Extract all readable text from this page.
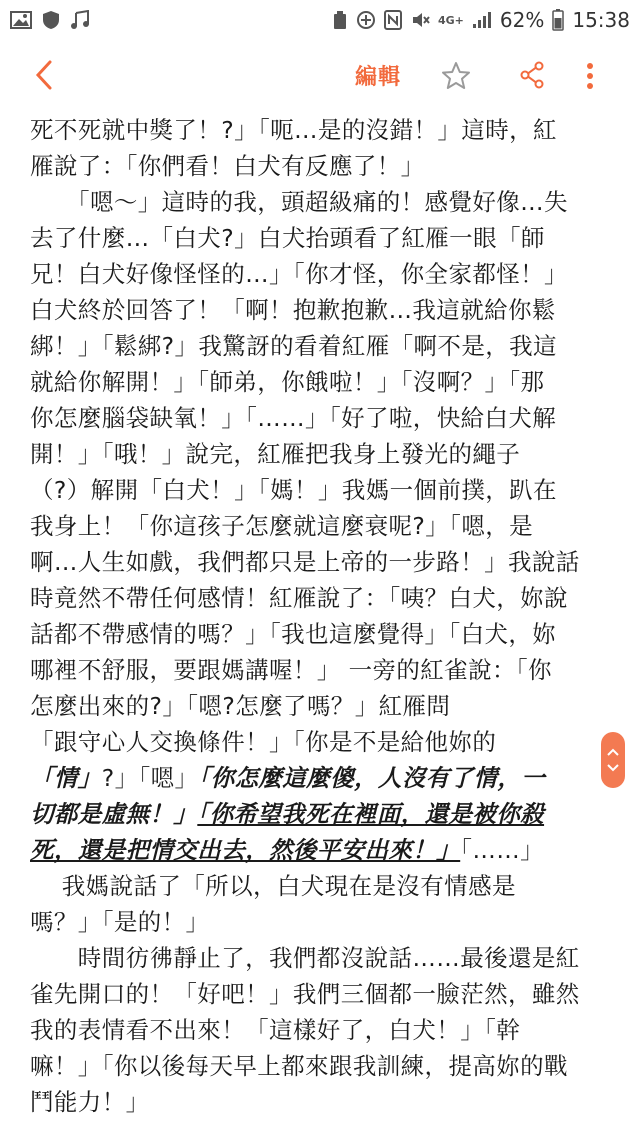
4G+ 62% 15:38
編輯
死不死就中獎了！?」「呃…是的沒錯！」這時，紅
雁說了：「你們看！白犬有反應了！」
　　「嗯～」這時的我，頭超級痛的！感覺好像…失
去了什麼…「白犬?」白犬抬頭看了紅雁一眼「師
兄！白犬好像怪怪的…」「你才怪，你全家都怪！」
白犬終於回答了！「啊！抱歉抱歉…我這就給你鬆
綁！」「鬆綁?」我驚訝的看着紅雁「啊不是，我這
就給你解開！」「師弟，你餓啦！」「沒啊？」「那
你怎麼腦袋缺氧！」「……」「好了啦，快給白犬解
開！」「哦！」說完，紅雁把我身上發光的繩子
（?）解開「白犬！」「媽！」我媽一個前撲，趴在
我身上！「你這孩子怎麼就這麼衰呢?」「嗯，是
啊…人生如戲，我們都只是上帝的一步路！」我說話
時竟然不帶任何感情！紅雁說了：「咦？白犬，妳說
話都不帶感情的嗎？」「我也這麼覺得」「白犬，妳
哪裡不舒服，要跟媽講喔！」 一旁的紅雀說：「你
怎麼出來的?」「嗯?怎麼了嗎？」紅雁問
「跟守心人交換條件！」「你是不是給他妳的
「情」?」「嗯」「你怎麼這麼傻，人沒有了情，一
切都是虛無！」「你希望我死在裡面，還是被你殺
死，還是把情交出去，然後平安出來！」「……」
　 我媽說話了「所以，白犬現在是沒有情感是
嗎？」「是的！」
　　時間彷彿靜止了，我們都沒說話……最後還是紅
雀先開口的！「好吧！」我們三個都一臉茫然，雖然
我的表情看不出來！「這樣好了，白犬！」「幹
嘛！」「你以後每天早上都來跟我訓練，提高妳的戰
鬥能力！」
